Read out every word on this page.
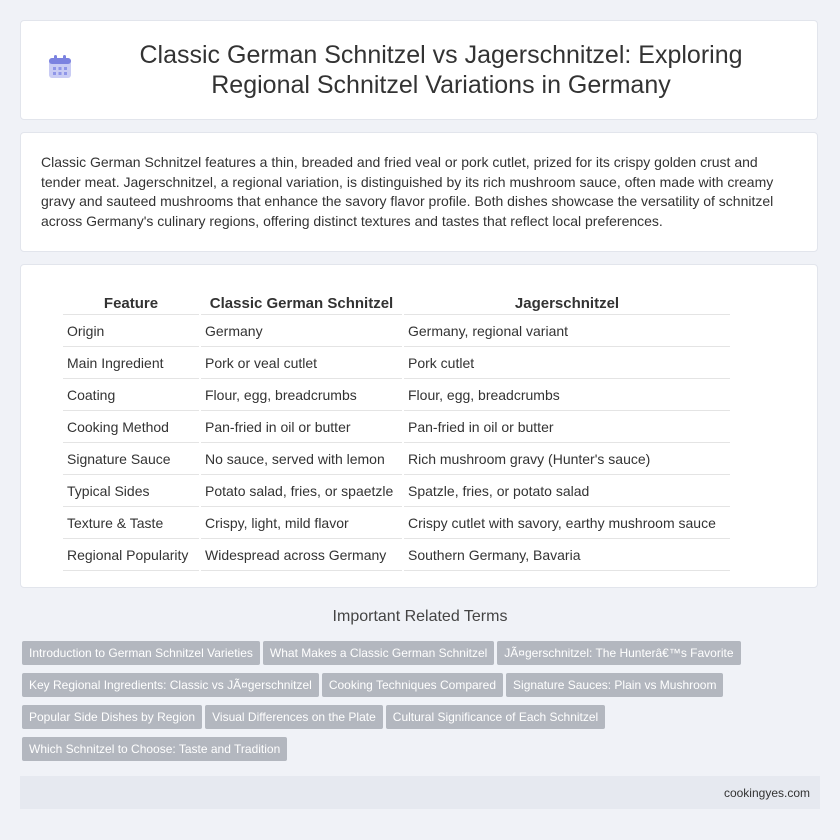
Classic German Schnitzel vs Jagerschnitzel: Exploring Regional Schnitzel Variations in Germany

Classic German Schnitzel features a thin, breaded and fried veal or pork cutlet, prized for its crispy golden crust and tender meat. Jagerschnitzel, a regional variation, is distinguished by its rich mushroom sauce, often made with creamy gravy and sauteed mushrooms that enhance the savory flavor profile. Both dishes showcase the versatility of schnitzel across Germany's culinary regions, offering distinct textures and tastes that reflect local preferences.

Feature	Classic German Schnitzel	Jagerschnitzel
Origin	Germany	Germany, regional variant
Main Ingredient	Pork or veal cutlet	Pork cutlet
Coating	Flour, egg, breadcrumbs	Flour, egg, breadcrumbs
Cooking Method	Pan-fried in oil or butter	Pan-fried in oil or butter
Signature Sauce	No sauce, served with lemon	Rich mushroom gravy (Hunter's sauce)
Typical Sides	Potato salad, fries, or spaetzle	Spatzle, fries, or potato salad
Texture & Taste	Crispy, light, mild flavor	Crispy cutlet with savory, earthy mushroom sauce
Regional Popularity	Widespread across Germany	Southern Germany, Bavaria
Important Related Terms
Introduction to German Schnitzel Varieties What Makes a Classic German Schnitzel JÃ¤gerschnitzel: The Hunterâ€™s FavoriteKey Regional Ingredients: Classic vs JÃ¤gerschnitzel Cooking Techniques Compared Signature Sauces: Plain vs MushroomPopular Side Dishes by Region Visual Differences on the Plate Cultural Significance of Each SchnitzelWhich Schnitzel to Choose: Taste and Tradition
cookingyes.com
